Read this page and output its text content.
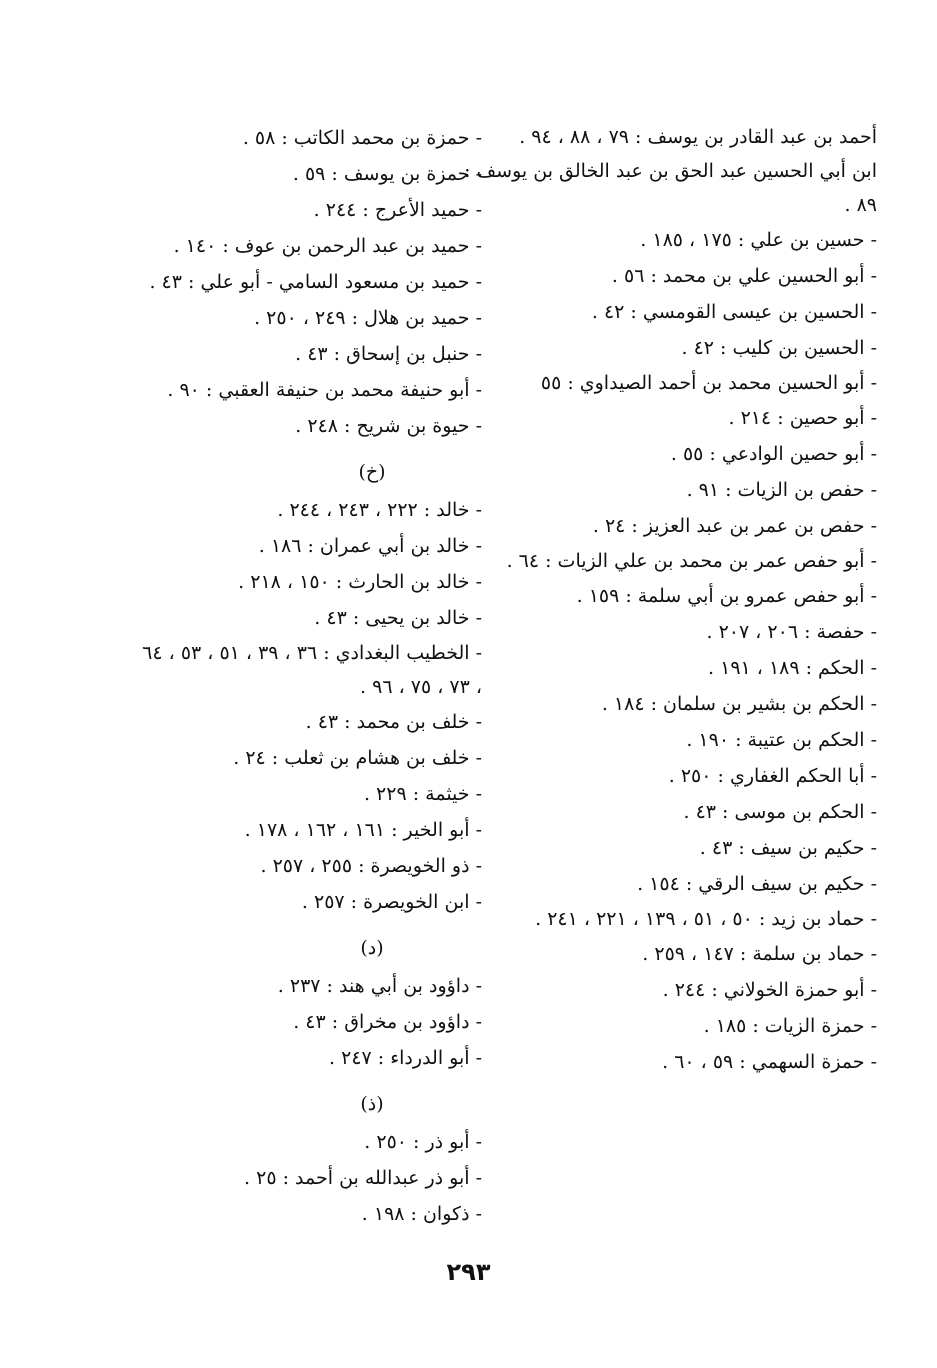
أحمد بن عبد القادر بن يوسف : ٧٩ ، ٨٨ ، ٩٤ .
ابن أبي الحسين عبد الحق بن عبد الخالق بن يوسف : ٨٩ .
- حسين بن علي : ١٧٥ ، ١٨٥ .
- أبو الحسين علي بن محمد : ٥٦ .
- الحسين بن عيسى القومسي : ٤٢ .
- الحسين بن كليب : ٤٢ .
- أبو الحسين محمد بن أحمد الصيداوي : ٥٥
- أبو حصين : ٢١٤ .
- أبو حصين الوادعي : ٥٥ .
- حفص بن الزيات : ٩١ .
- حفص بن عمر بن عبد العزيز : ٢٤ .
- أبو حفص عمر بن محمد بن علي الزيات : ٦٤ .
- أبو حفص عمرو بن أبي سلمة : ١٥٩ .
- حفصة : ٢٠٦ ، ٢٠٧ .
- الحكم : ١٨٩ ، ١٩١ .
- الحكم بن بشير بن سلمان : ١٨٤ .
- الحكم بن عتيبة : ١٩٠ .
- أبا الحكم الغفاري : ٢٥٠ .
- الحكم بن موسى : ٤٣ .
- حكيم بن سيف : ٤٣ .
- حكيم بن سيف الرقي : ١٥٤ .
- حماد بن زيد : ٥٠ ، ٥١ ، ١٣٩ ، ٢٢١ ، ٢٤١ .
- حماد بن سلمة : ١٤٧ ، ٢٥٩ .
- أبو حمزة الخولاني : ٢٤٤ .
- حمزة الزيات : ١٨٥ .
- حمزة السهمي : ٥٩ ، ٦٠ .
- حمزة بن محمد الكاتب : ٥٨ .
- حمزة بن يوسف : ٥٩ .
- حميد الأعرج : ٢٤٤ .
- حميد بن عبد الرحمن بن عوف : ١٤٠ .
- حميد بن مسعود السامي - أبو علي : ٤٣ .
- حميد بن هلال : ٢٤٩ ، ٢٥٠ .
- حنبل بن إسحاق : ٤٣ .
- أبو حنيفة محمد بن حنيفة العقبي : ٩٠ .
- حيوة بن شريح : ٢٤٨ .
(خ)
- خالد : ٢٢٢ ، ٢٤٣ ، ٢٤٤ .
- خالد بن أبي عمران : ١٨٦ .
- خالد بن الحارث : ١٥٠ ، ٢١٨ .
- خالد بن يحيى : ٤٣ .
- الخطيب البغدادي : ٣٦ ، ٣٩ ، ٥١ ، ٥٣ ، ٦٤ ، ٧٣ ، ٧٥ ، ٩٦ .
- خلف بن محمد : ٤٣ .
- خلف بن هشام بن ثعلب : ٢٤ .
- خيثمة : ٢٢٩ .
- أبو الخير : ١٦١ ، ١٦٢ ، ١٧٨ .
- ذو الخويصرة : ٢٥٥ ، ٢٥٧ .
- ابن الخويصرة : ٢٥٧ .
(د)
- داؤود بن أبي هند : ٢٣٧ .
- داؤود بن مخراق : ٤٣ .
- أبو الدرداء : ٢٤٧ .
(ذ)
- أبو ذر : ٢٥٠ .
- أبو ذر عبدالله بن أحمد : ٢٥ .
- ذكوان : ١٩٨ .
٢٩٣
